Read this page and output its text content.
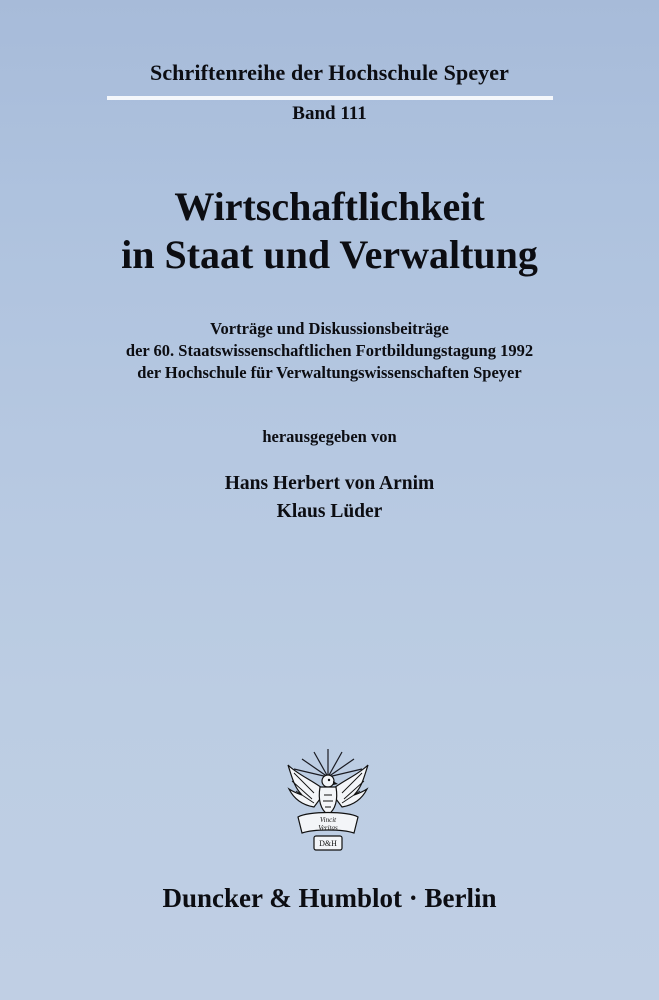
Schriftenreihe der Hochschule Speyer
Band 111
Wirtschaftlichkeit
in Staat und Verwaltung
Vorträge und Diskussionsbeiträge
der 60. Staatswissenschaftlichen Fortbildungstagung 1992
der Hochschule für Verwaltungswissenschaften Speyer
herausgegeben von
Hans Herbert von Arnim
Klaus Lüder
Vincit
Veritas
D&H
Duncker & Humblot · Berlin
